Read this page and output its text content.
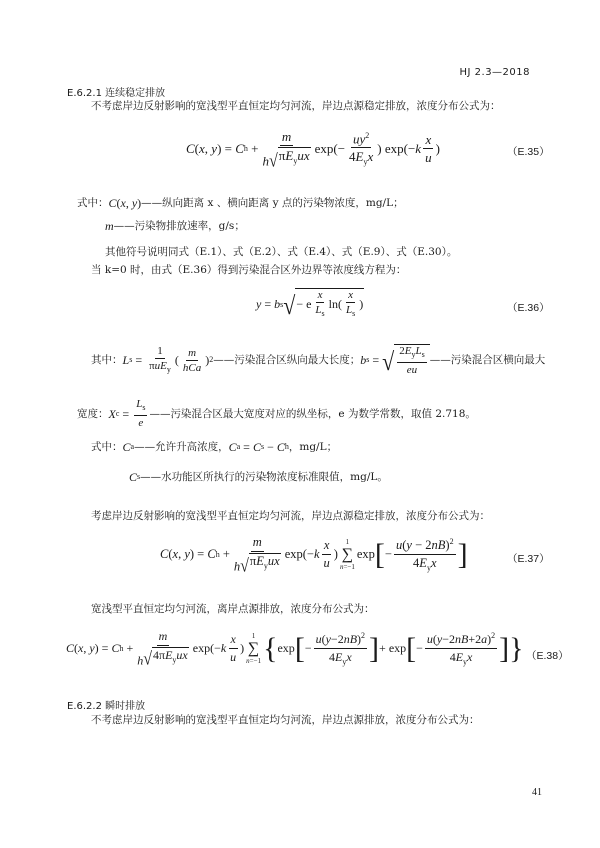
HJ 2.3—2018
E.6.2.1 连续稳定排放
不考虑岸边反射影响的宽浅型平直恒定均匀河流，岸边点源稳定排放，浓度分布公式为：
C ( x , y ) = C $h + \frac{m}{h √ \pi E_yux} \exp(- \frac{uy^2}{4E_yx}$ ) exp(− k $\frac{x}{u}$ )	（E.35）
式中： C ( x , y ) ——纵向距离 x 、横向距离 y 点的污染物浓度，mg/L；
m ——污染物排放速率，g/s；
其他符号说明同式（E.1）、式（E.2）、式（E.4）、式（E.9）、式（E.30）。
当 k=0 时，由式（E.36）得到污染混合区外边界等浓度线方程为：
y = b s √ − e $\frac{x}{L_s} \ln( \frac{x}{L_s}$ )	（E.36）
其中： L $s = \frac{1}{\pi uE_y}$ ( $\frac{m}{\text{hCa}}$ ) 2 ——污染混合区纵向最大长度； b s = √ $\frac{2E_yL_s}{eu}$ ——污染混合区横向最大
宽度： X $c = \frac{L_s}{e}$ ——污染混合区最大宽度对应的纵坐标，e 为数学常数，取值 2.718。
式中： C a ——允许升高浓度， C a = C s − C h ，mg/L；
C s ——水功能区所执行的污染物浓度标准限值，mg/L。
考虑岸边反射影响的宽浅型平直恒定均匀河流，岸边点源稳定排放，浓度分布公式为：
C ( x , y ) = C $h + \frac{m}{h √ \pi E_yux} \exp(- k \frac{x}{u}$ )
1
∑
n=−1
exp [ − $\frac{u(y - 2nB)^2}{4E_yx}$ ]	（E.37）
宽浅型平直恒定均匀河流，离岸点源排放，浓度分布公式为：
C ( x , y ) = C $h + \frac{m}{h √ 4\pi E_yux} \exp(- k \frac{x}{u}$ )
1
∑
n=−1 { exp [ − $\frac{u(y-2nB)^2}{4E_yx}$ ] + exp [ − $\frac{u(y-2nB+2a)^2}{4E_yx}$ ] } （E.38）
E.6.2.2 瞬时排放
不考虑岸边反射影响的宽浅型平直恒定均匀河流，岸边点源排放，浓度分布公式为：
41
